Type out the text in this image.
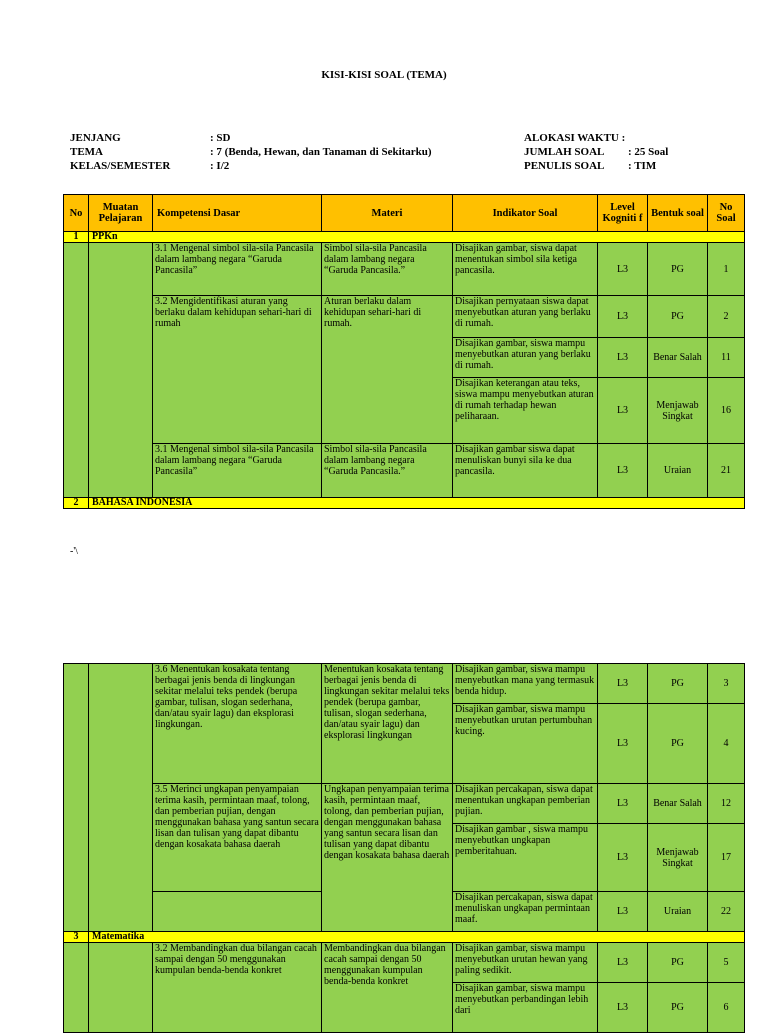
KISI-KISI SOAL (TEMA)
JENJANG	: SD
TEMA	: 7 (Benda, Hewan, dan Tanaman di Sekitarku)
KELAS/SEMESTER	: I/2
ALOKASI WAKTU :
JUMLAH SOAL	: 25 Soal
PENULIS SOAL	: TIM
No	Muatan Pelajaran	Kompetensi Dasar	Materi	Indikator Soal	Level Kogniti f	Bentuk soal	No Soal
1	PPKn						
		3.1 Mengenal simbol sila-sila Pancasila dalam lambang negara “Garuda Pancasila”	Simbol sila-sila Pancasila dalam lambang negara “Garuda Pancasila.”	Disajikan gambar, siswa dapat menentukan simbol sila ketiga pancasila.	L3	PG	1
		3.2 Mengidentifikasi aturan yang berlaku dalam kehidupan sehari-hari di rumah	Aturan berlaku dalam kehidupan sehari-hari di rumah.	Disajikan pernyataan siswa dapat menyebutkan aturan yang berlaku di rumah.	L3	PG	2
				Disajikan gambar, siswa mampu menyebutkan aturan yang berlaku di rumah.	L3	Benar Salah	11
				Disajikan keterangan atau teks, siswa mampu menyebutkan aturan di rumah terhadap hewan peliharaan.	L3	Menjawab Singkat	16
		3.1 Mengenal simbol sila-sila Pancasila dalam lambang negara “Garuda Pancasila”	Simbol sila-sila Pancasila dalam lambang negara “Garuda Pancasila.”	Disajikan gambar siswa dapat menuliskan bunyi sila ke dua pancasila.	L3	Uraian	21
2	BAHASA INDONESIA						
-'\
		3.6 Menentukan kosakata tentang berbagai jenis benda di lingkungan sekitar melalui teks pendek (berupa gambar, tulisan, slogan sederhana, dan/atau syair lagu) dan eksplorasi lingkungan.	Menentukan kosakata tentang berbagai jenis benda di lingkungan sekitar melalui teks pendek (berupa gambar, tulisan, slogan sederhana, dan/atau syair lagu) dan eksplorasi lingkungan	Disajikan gambar, siswa mampu menyebutkan mana yang termasuk benda hidup.	L3	PG	3
				Disajikan gambar, siswa mampu menyebutkan urutan pertumbuhan kucing.	L3	PG	4
		3.5 Merinci ungkapan penyampaian terima kasih, permintaan maaf, tolong, dan pemberian pujian, dengan menggunakan bahasa yang santun secara lisan dan tulisan yang dapat dibantu dengan kosakata bahasa daerah	Ungkapan penyampaian terima kasih, permintaan maaf, tolong, dan pemberian pujian, dengan menggunakan bahasa yang santun secara lisan dan tulisan yang dapat dibantu dengan kosakata bahasa daerah	Disajikan percakapan, siswa dapat menentukan ungkapan pemberian pujian.	L3	Benar Salah	12
				Disajikan gambar , siswa mampu menyebutkan ungkapan pemberitahuan.	L3	Menjawab Singkat	17
				Disajikan percakapan, siswa dapat menuliskan ungkapan permintaan maaf.	L3	Uraian	22
3	Matematika						
		3.2 Membandingkan dua bilangan cacah sampai dengan 50 menggunakan kumpulan benda-benda konkret	Membandingkan dua bilangan cacah sampai dengan 50 menggunakan kumpulan benda-benda konkret	Disajikan gambar, siswa mampu menyebutkan urutan hewan yang paling sedikit.	L3	PG	5
				Disajikan gambar, siswa mampu menyebutkan perbandingan lebih dari	L3	PG	6
